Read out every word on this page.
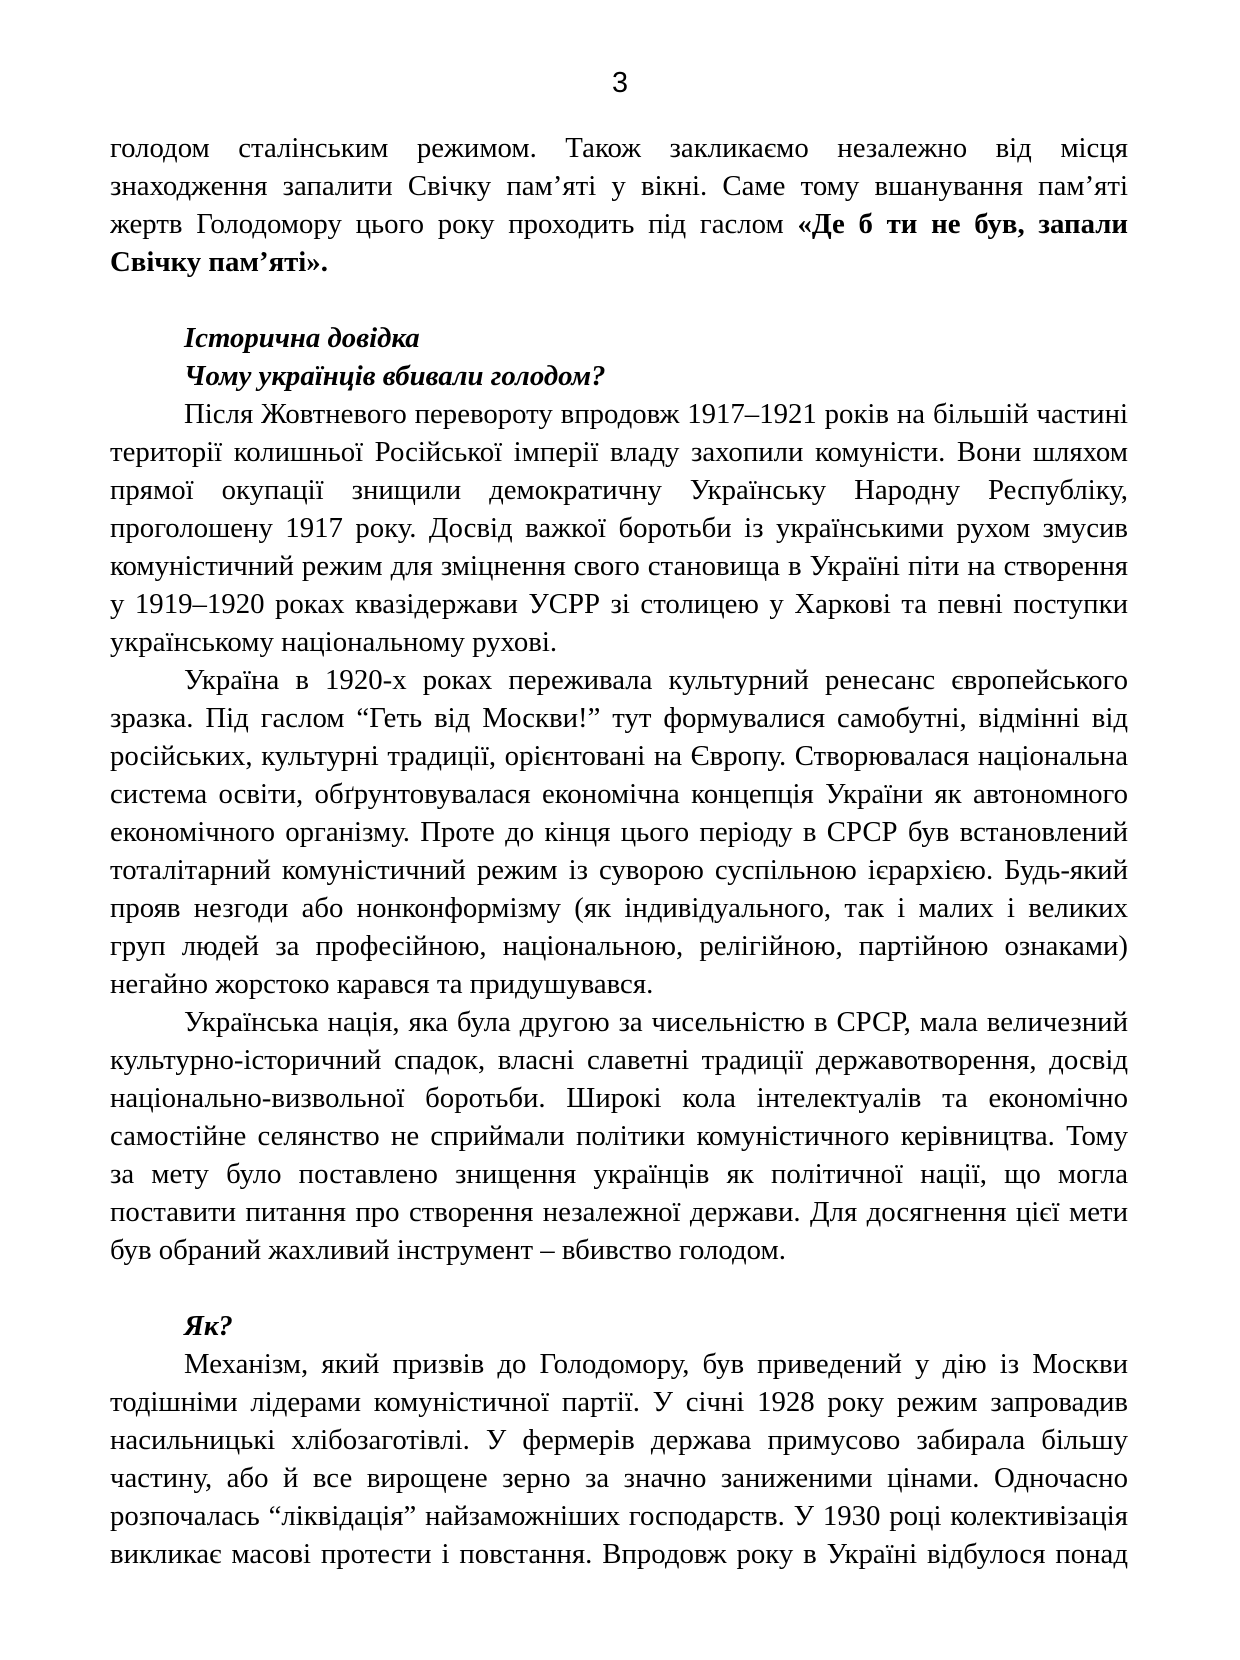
3
голодом сталінським режимом. Також закликаємо незалежно від місця
знаходження запалити Свічку пам’яті у вікні. Саме тому вшанування пам’яті
жертв Голодомору цього року проходить під гаслом «Де б ти не був, запали
Свічку пам’яті».
Історична довідка
Чому українців вбивали голодом?
Після Жовтневого перевороту впродовж 1917–1921 років на більшій частині
території колишньої Російської імперії владу захопили комуністи. Вони шляхом
прямої окупації знищили демократичну Українську Народну Республіку,
проголошену 1917 року. Досвід важкої боротьби із українськими рухом змусив
комуністичний режим для зміцнення свого становища в Україні піти на створення
у 1919–1920 роках квазідержави УСРР зі столицею у Харкові та певні поступки
українському національному рухові.
Україна в 1920-х роках переживала культурний ренесанс європейського
зразка. Під гаслом “Геть від Москви!” тут формувалися самобутні, відмінні від
російських, культурні традиції, орієнтовані на Європу. Створювалася національна
система освіти, обґрунтовувалася економічна концепція України як автономного
економічного організму. Проте до кінця цього періоду в СРСР був встановлений
тоталітарний комуністичний режим із суворою суспільною ієрархією. Будь-який
прояв незгоди або нонконформізму (як індивідуального, так і малих і великих
груп людей за професійною, національною, релігійною, партійною ознаками)
негайно жорстоко карався та придушувався.
Українська нація, яка була другою за чисельністю в СРСР, мала величезний
культурно-історичний спадок, власні славетні традиції державотворення, досвід
національно-визвольної боротьби. Широкі кола інтелектуалів та економічно
самостійне селянство не сприймали політики комуністичного керівництва. Тому
за мету було поставлено знищення українців як політичної нації, що могла
поставити питання про створення незалежної держави. Для досягнення цієї мети
був обраний жахливий інструмент – вбивство голодом.
Як?
Механізм, який призвів до Голодомору, був приведений у дію із Москви
тодішніми лідерами комуністичної партії. У січні 1928 року режим запровадив
насильницькі хлібозаготівлі. У фермерів держава примусово забирала більшу
частину, або й все вирощене зерно за значно заниженими цінами. Одночасно
розпочалась “ліквідація” найзаможніших господарств. У 1930 році колективізація
викликає масові протести і повстання. Впродовж року в Україні відбулося понад
